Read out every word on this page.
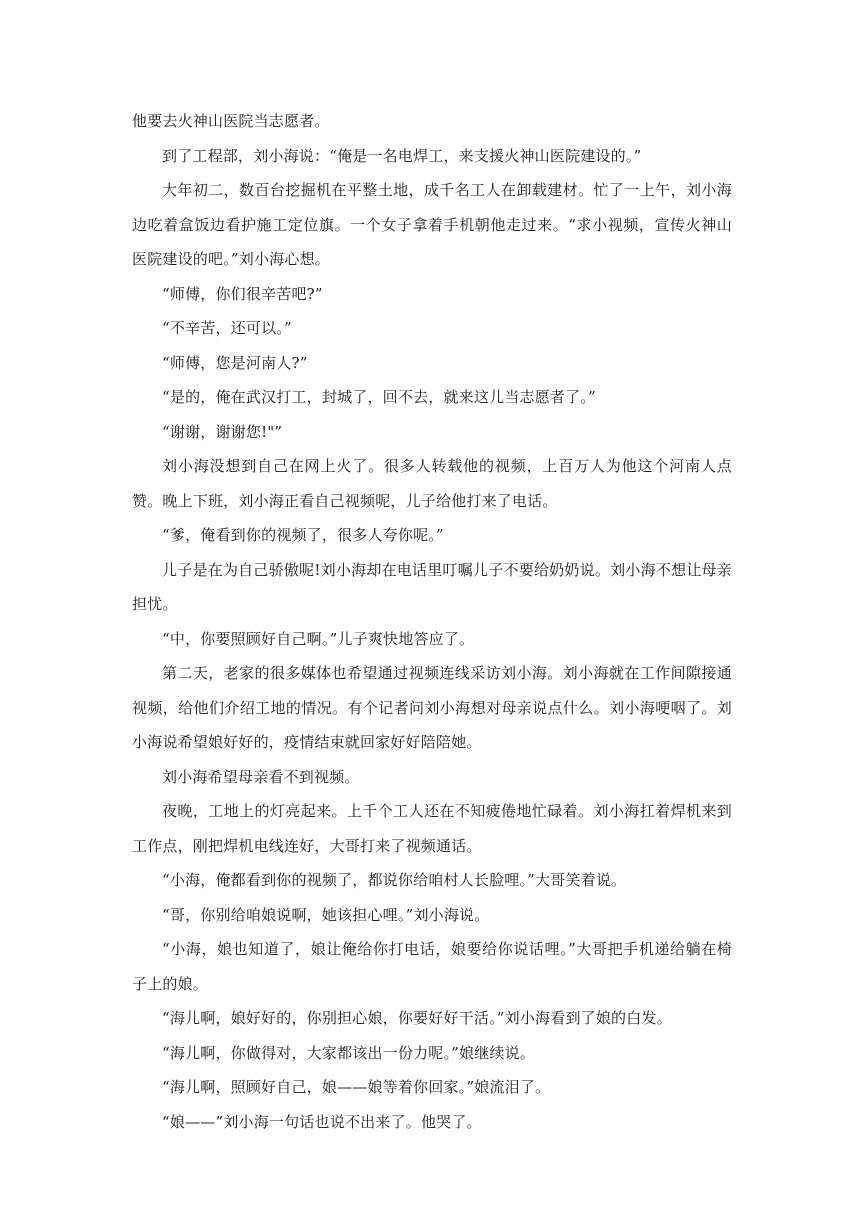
他要去火神山医院当志愿者。

到了工程部，刘小海说：“俺是一名电焊工，来支援火神山医院建设的。”

大年初二，数百台挖掘机在平整土地，成千名工人在卸载建材。忙了一上午，刘小海边吃着盒饭边看护施工定位旗。一个女子拿着手机朝他走过来。“求小视频，宣传火神山医院建设的吧。”刘小海心想。

“师傅，你们很辛苦吧?”

“不辛苦，还可以。”

“师傅，您是河南人?”

“是的，俺在武汉打工，封城了，回不去，就来这儿当志愿者了。”

“谢谢，谢谢您!"”

刘小海没想到自己在网上火了。很多人转载他的视频，上百万人为他这个河南人点赞。晚上下班，刘小海正看自己视频呢，儿子给他打来了电话。

“爹，俺看到你的视频了，很多人夸你呢。”

儿子是在为自己骄傲呢!刘小海却在电话里叮嘱儿子不要给奶奶说。刘小海不想让母亲担忧。

“中，你要照顾好自己啊。”儿子爽快地答应了。

第二天，老家的很多媒体也希望通过视频连线采访刘小海。刘小海就在工作间隙接通视频，给他们介绍工地的情况。有个记者问刘小海想对母亲说点什么。刘小海哽咽了。刘小海说希望娘好好的，疫情结束就回家好好陪陪她。

刘小海希望母亲看不到视频。

夜晚，工地上的灯亮起来。上千个工人还在不知疲倦地忙碌着。刘小海扛着焊机来到工作点，刚把焊机电线连好，大哥打来了视频通话。

“小海，俺都看到你的视频了，都说你给咱村人长脸哩。”大哥笑着说。

“哥，你别给咱娘说啊，她该担心哩。”刘小海说。

“小海，娘也知道了，娘让俺给你打电话，娘要给你说话哩。”大哥把手机递给躺在椅子上的娘。

“海儿啊，娘好好的，你别担心娘，你要好好干活。”刘小海看到了娘的白发。

“海儿啊，你做得对，大家都该出一份力呢。”娘继续说。

“海儿啊，照顾好自己，娘——娘等着你回家。”娘流泪了。

“娘——”刘小海一句话也说不出来了。他哭了。
